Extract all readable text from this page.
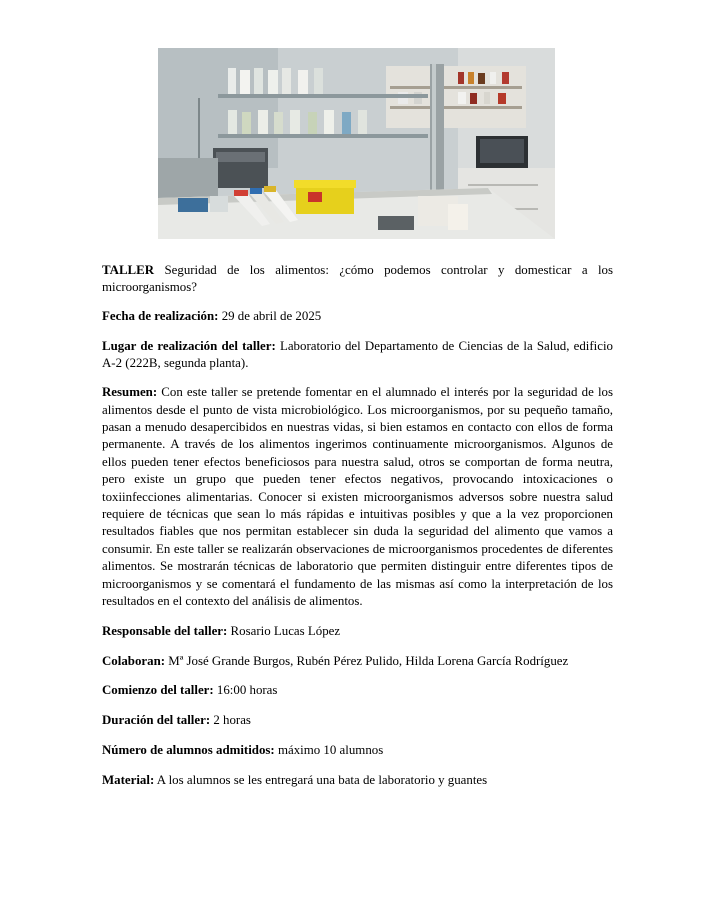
TALLER Seguridad de los alimentos: ¿cómo podemos controlar y domesticar a los microorganismos?

Fecha de realización: 29 de abril de 2025

Lugar de realización del taller: Laboratorio del Departamento de Ciencias de la Salud, edificio A-2 (222B, segunda planta).

Resumen: Con este taller se pretende fomentar en el alumnado el interés por la seguridad de los alimentos desde el punto de vista microbiológico. Los microorganismos, por su pequeño tamaño, pasan a menudo desapercibidos en nuestras vidas, si bien estamos en contacto con ellos de forma permanente. A través de los alimentos ingerimos continuamente microorganismos. Algunos de ellos pueden tener efectos beneficiosos para nuestra salud, otros se comportan de forma neutra, pero existe un grupo que pueden tener efectos negativos, provocando intoxicaciones o toxiinfecciones alimentarias. Conocer si existen microorganismos adversos sobre nuestra salud requiere de técnicas que sean lo más rápidas e intuitivas posibles y que a la vez proporcionen resultados fiables que nos permitan establecer sin duda la seguridad del alimento que vamos a consumir. En este taller se realizarán observaciones de microorganismos procedentes de diferentes alimentos. Se mostrarán técnicas de laboratorio que permiten distinguir entre diferentes tipos de microorganismos y se comentará el fundamento de las mismas así como la interpretación de los resultados en el contexto del análisis de alimentos.

Responsable del taller: Rosario Lucas López

Colaboran: Mª José Grande Burgos, Rubén Pérez Pulido, Hilda Lorena García Rodríguez

Comienzo del taller: 16:00 horas

Duración del taller: 2 horas

Número de alumnos admitidos: máximo 10 alumnos

Material: A los alumnos se les entregará una bata de laboratorio y guantes
